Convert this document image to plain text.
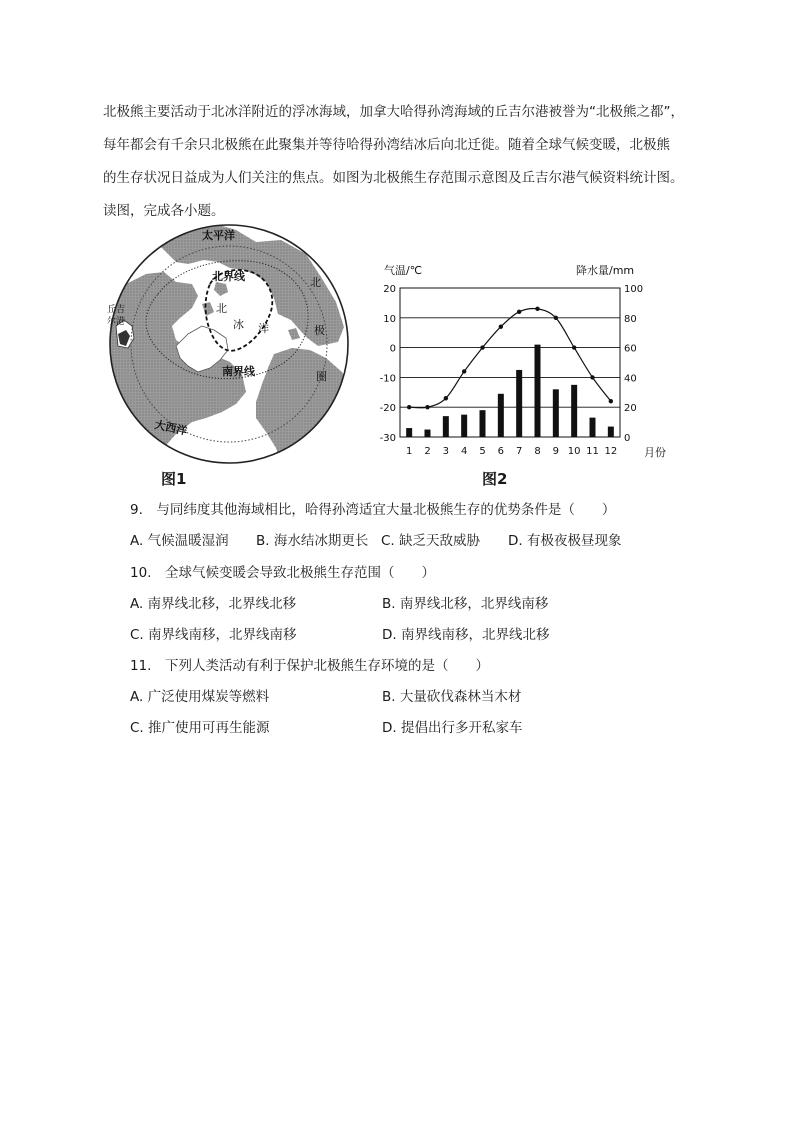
北极熊主要活动于北冰洋附近的浮冰海域，加拿大哈得孙湾海域的丘吉尔港被誉为“北极熊之都”，
每年都会有千余只北极熊在此聚集并等待哈得孙湾结冰后向北迁徙。随着全球气候变暖，北极熊
的生存状况日益成为人们关注的焦点。如图为北极熊生存范围示意图及丘吉尔港气候资料统计图。
读图，完成各小题。
太平洋
北界线
北
冰 洋
南界线
大西洋
北
极
圈
丘吉
尔港
图1
气温/℃	降水量/mm
月份
20
10
0
-10
-20
-30
100
80
60
40
20
0
1 2 3 4 5 6 7 8 9 10 11 12
图2
9.　与同纬度其他海域相比，哈得孙湾适宜大量北极熊生存的优势条件是（　　）
A. 气候温暖湿润 B. 海水结冰期更长 C. 缺乏天敌威胁 D. 有极夜极昼现象
10.　全球气候变暖会导致北极熊生存范围（　　）
A. 南界线北移，北界线北移	B. 南界线北移，北界线南移
C. 南界线南移，北界线南移	D. 南界线南移，北界线北移
11.　下列人类活动有利于保护北极熊生存环境的是（　　）
A. 广泛使用煤炭等燃料	B. 大量砍伐森林当木材
C. 推广使用可再生能源	D. 提倡出行多开私家车
